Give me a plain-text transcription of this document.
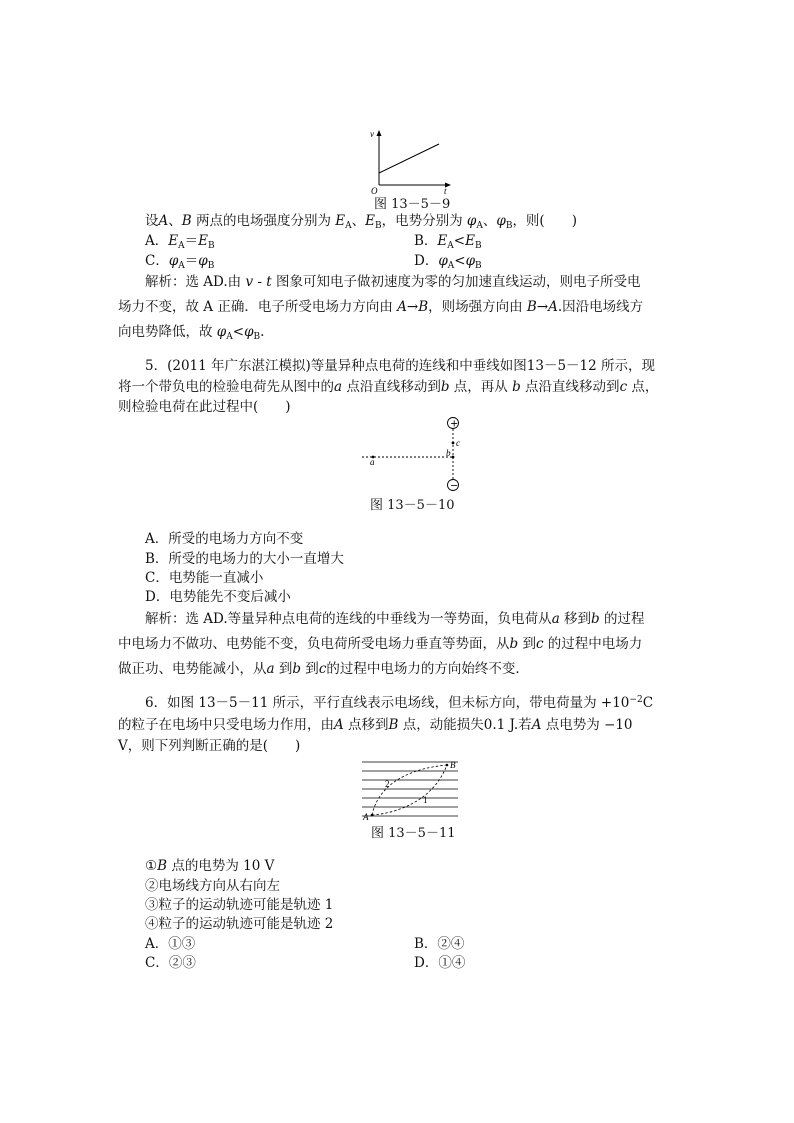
v
t
O
图 13－5－9
设A、B 两点的电场强度分别为 $E_A$、$E_B$，电势分别为 $\varphi_A$、$\varphi_B$，则(　　)
A．$E_A=E_B$	B．$E_A<E_B$
C．$\varphi_A=\varphi_B$	D．$\varphi_A<\varphi_B$
解析：选 AD.由 v - t 图象可知电子做初速度为零的匀加速直线运动，则电子所受电
场力不变，故 A 正确．电子所受电场力方向由 A→B，则场强方向由 B→A.因沿电场线方
向电势降低，故 $\varphi_A<\varphi_B$.
5．(2011 年广东湛江模拟)等量异种点电荷的连线和中垂线如图13－5－12 所示，现
将一个带负电的检验电荷先从图中的a 点沿直线移动到b 点，再从 b 点沿直线移动到c 点，
则检验电荷在此过程中(　　)
+
−
a
b
c
图 13－5－10
A．所受的电场力方向不变
B．所受的电场力的大小一直增大
C．电势能一直减小
D．电势能先不变后减小
解析：选 AD.等量异种点电荷的连线的中垂线为一等势面，负电荷从a 移到b 的过程
中电场力不做功、电势能不变，负电荷所受电场力垂直等势面，从b 到c 的过程中电场力
做正功、电势能减小，从a 到b 到c的过程中电场力的方向始终不变．
6．如图 13－5－11 所示，平行直线表示电场线，但未标方向，带电荷量为 $+10^{-2}C$
的粒子在电场中只受电场力作用，由A 点移到B 点，动能损失0.1 J.若A 点电势为 −10
V，则下列判断正确的是(　　)
A
B
2
1
图 13－5－11
①B 点的电势为 10 V
②电场线方向从右向左
③粒子的运动轨迹可能是轨迹 1
④粒子的运动轨迹可能是轨迹 2
A．①③	B．②④
C．②③	D．①④
